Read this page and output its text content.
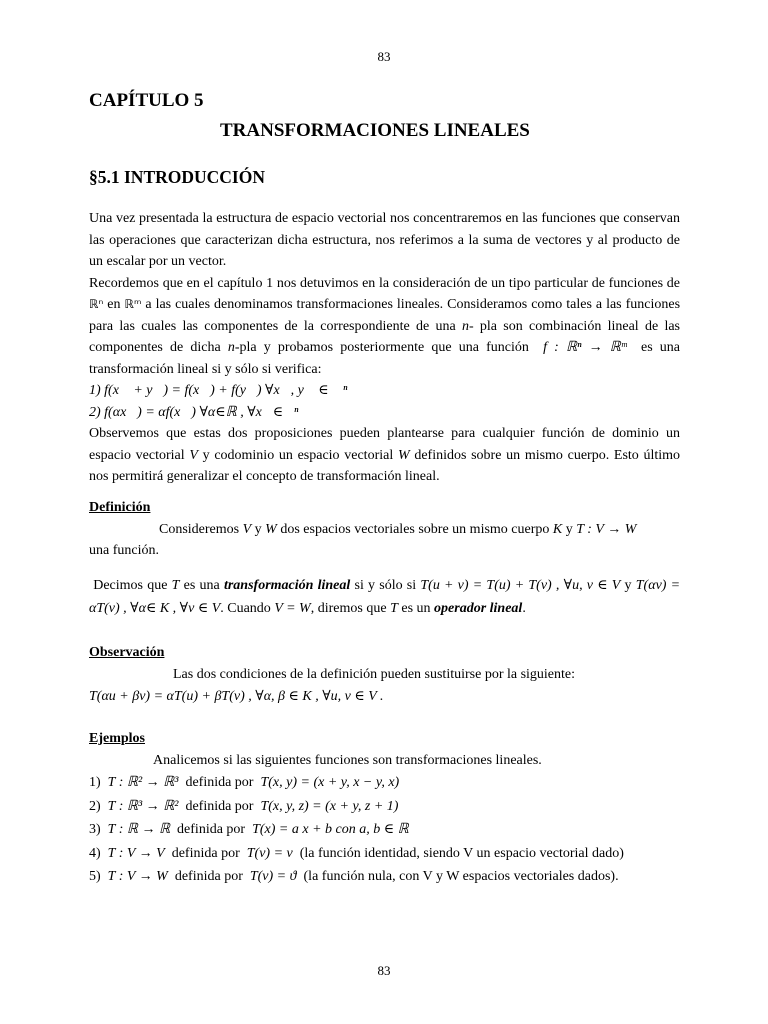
83
CAPÍTULO 5
TRANSFORMACIONES LINEALES
§5.1 INTRODUCCIÓN

Una vez presentada la estructura de espacio vectorial nos concentraremos en las funciones que conservan las operaciones que caracterizan dicha estructura, nos referimos a la suma de vectores y al producto de un escalar por un vector.

Recordemos que en el capítulo 1 nos detuvimos en la consideración de un tipo particular de funciones de ℝⁿ en ℝᵐ a las cuales denominamos transformaciones lineales. Consideramos como tales a las funciones para las cuales las componentes de la correspondiente de una n- pla son combinación lineal de las componentes de dicha n-pla y probamos posteriormente que una función f : ℝⁿ → ℝᵐ es una transformación lineal si y sólo si verifica:

1) f(x⃗ + y⃗) = f(x⃗) + f(y⃗) ∀x⃗, y⃗ ∈ ℝⁿ

2) f(αx⃗) = αf(x⃗) ∀α∈ℝ , ∀x⃗∈ℝⁿ

Observemos que estas dos proposiciones pueden plantearse para cualquier función de dominio un espacio vectorial V y codominio un espacio vectorial W definidos sobre un mismo cuerpo. Esto último nos permitirá generalizar el concepto de transformación lineal.

Definición

Consideremos V y W dos espacios vectoriales sobre un mismo cuerpo K y T : V → W

una función.

Decimos que T es una transformación lineal si y sólo si T(u + v) = T(u) + T(v) , ∀u, v ∈ V y T(αv) = αT(v) , ∀α∈ K , ∀v ∈ V. Cuando V = W, diremos que T es un operador lineal.

Observación

Las dos condiciones de la definición pueden sustituirse por la siguiente:

T(αu + βv) = αT(u) + βT(v) , ∀α, β ∈ K , ∀u, v ∈ V .

Ejemplos

Analicemos si las siguientes funciones son transformaciones lineales.

1) T : ℝ² → ℝ³ definida por T(x, y) = (x + y, x − y, x)
2) T : ℝ³ → ℝ² definida por T(x, y, z) = (x + y, z + 1)
3) T : ℝ → ℝ definida por T(x) = a x + b con a, b ∈ ℝ
4) T : V → V definida por T(v) = v (la función identidad, siendo V un espacio vectorial dado)
5) T : V → W definida por T(v) = ϑ (la función nula, con V y W espacios vectoriales dados).
83
